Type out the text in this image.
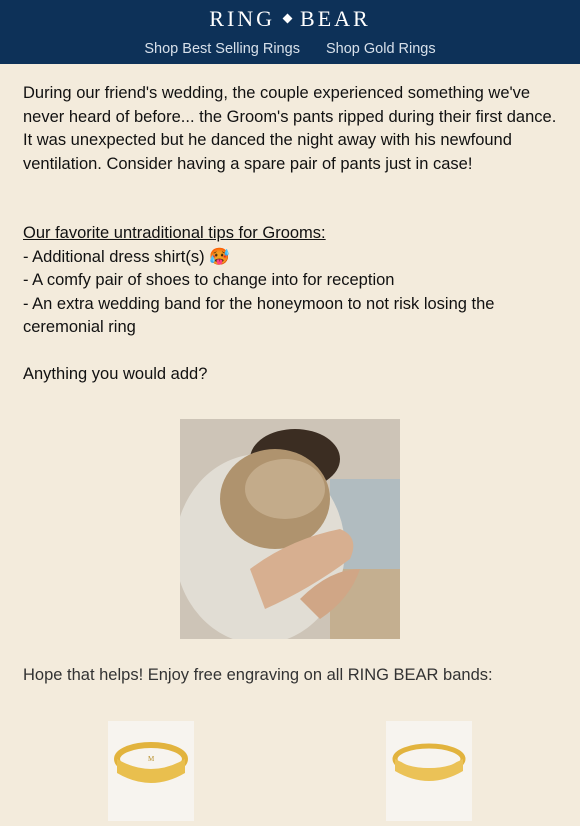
RING BEAR
Shop Best Selling Rings Shop Gold Rings

During our friend's wedding, the couple experienced something we've never heard of before... the Groom's pants ripped during their first dance. It was unexpected but he danced the night away with his newfound ventilation. Consider having a spare pair of pants just in case!

Our favorite untraditional tips for Grooms:

- Additional dress shirt(s) 🥵

- A comfy pair of shoes to change into for reception

- An extra wedding band for the honeymoon to not risk losing the ceremonial ring

Anything you would add?

Hope that helps! Enjoy free engraving on all RING BEAR bands:

M
